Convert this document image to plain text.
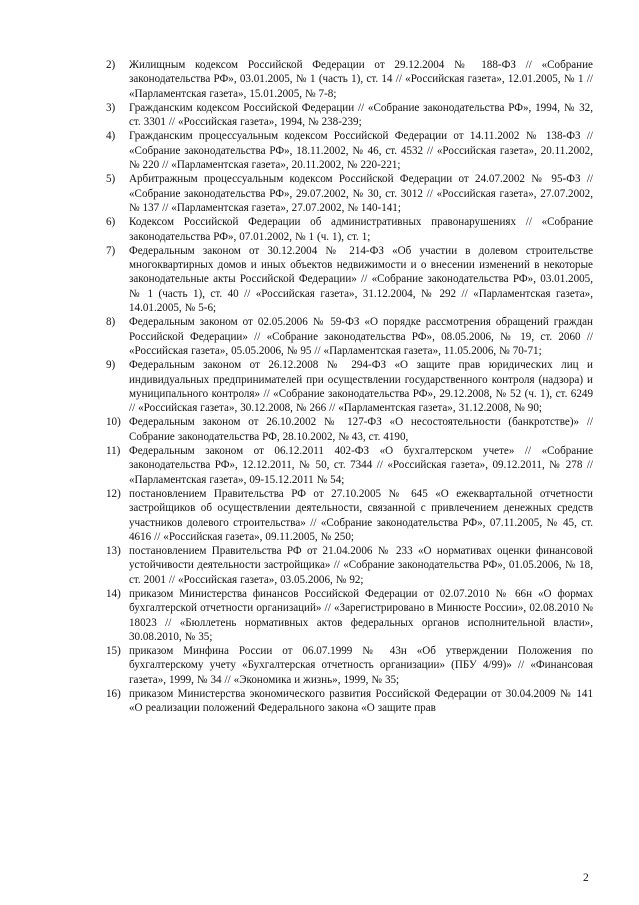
2)	Жилищным кодексом Российской Федерации от 29.12.2004 № 188-ФЗ // «Собрание законодательства РФ», 03.01.2005, № 1 (часть 1), ст. 14 // «Российская газета», 12.01.2005, № 1 // «Парламентская газета», 15.01.2005, № 7-8;
3)	Гражданским кодексом Российской Федерации // «Собрание законодательства РФ», 1994, № 32, ст. 3301 // «Российская газета», 1994, № 238-239;
4)	Гражданским процессуальным кодексом Российской Федерации от 14.11.2002 № 138-ФЗ // «Собрание законодательства РФ», 18.11.2002, № 46, ст. 4532 // «Российская газета», 20.11.2002, № 220 // «Парламентская газета», 20.11.2002, № 220-221;
5)	Арбитражным процессуальным кодексом Российской Федерации от 24.07.2002 № 95-ФЗ // «Собрание законодательства РФ», 29.07.2002, № 30, ст. 3012 // «Российская газета», 27.07.2002, № 137 // «Парламентская газета», 27.07.2002, № 140-141;
6)	Кодексом Российской Федерации об административных правонарушениях // «Собрание законодательства РФ», 07.01.2002, № 1 (ч. 1), ст. 1;
7)	Федеральным законом от 30.12.2004 № 214-ФЗ «Об участии в долевом строительстве многоквартирных домов и иных объектов недвижимости и о внесении изменений в некоторые законодательные акты Российской Федерации» // «Собрание законодательства РФ», 03.01.2005, № 1 (часть 1), ст. 40 // «Российская газета», 31.12.2004, № 292 // «Парламентская газета», 14.01.2005, № 5-6;
8)	Федеральным законом от 02.05.2006 № 59-ФЗ «О порядке рассмотрения обращений граждан Российской Федерации» // «Собрание законодательства РФ», 08.05.2006, № 19, ст. 2060 // «Российская газета», 05.05.2006, № 95 // «Парламентская газета», 11.05.2006, № 70-71;
9)	Федеральным законом от 26.12.2008 № 294-ФЗ «О защите прав юридических лиц и индивидуальных предпринимателей при осуществлении государственного контроля (надзора) и муниципального контроля» // «Собрание законодательства РФ», 29.12.2008, № 52 (ч. 1), ст. 6249 // «Российская газета», 30.12.2008, № 266 // «Парламентская газета», 31.12.2008, № 90;
10) Федеральным законом от 26.10.2002 № 127-ФЗ «О несостоятельности (банкротстве)» // Собрание законодательства РФ, 28.10.2002, № 43, ст. 4190,
11) Федеральным законом от 06.12.2011 402-ФЗ «О бухгалтерском учете» // «Собрание законодательства РФ», 12.12.2011, № 50, ст. 7344 // «Российская газета», 09.12.2011, № 278 // «Парламентская газета», 09-15.12.2011 № 54;
12) постановлением Правительства РФ от 27.10.2005 № 645 «О ежеквартальной отчетности застройщиков об осуществлении деятельности, связанной с привлечением денежных средств участников долевого строительства» // «Собрание законодательства РФ», 07.11.2005, № 45, ст. 4616 // «Российская газета», 09.11.2005, № 250;
13) постановлением Правительства РФ от 21.04.2006 № 233 «О нормативах оценки финансовой устойчивости деятельности застройщика» // «Собрание законодательства РФ», 01.05.2006, № 18, ст. 2001 // «Российская газета», 03.05.2006, № 92;
14) приказом Министерства финансов Российской Федерации от 02.07.2010 № 66н «О формах бухгалтерской отчетности организаций» // «Зарегистрировано в Минюсте России», 02.08.2010 № 18023 // «Бюллетень нормативных актов федеральных органов исполнительной власти», 30.08.2010, № 35;
15) приказом Минфина России от 06.07.1999 № 43н «Об утверждении Положения по бухгалтерскому учету «Бухгалтерская отчетность организации» (ПБУ 4/99)» // «Финансовая газета», 1999, № 34 // «Экономика и жизнь», 1999, № 35;
16) приказом Министерства экономического развития Российской Федерации от 30.04.2009 № 141 «О реализации положений Федерального закона «О защите прав
2
